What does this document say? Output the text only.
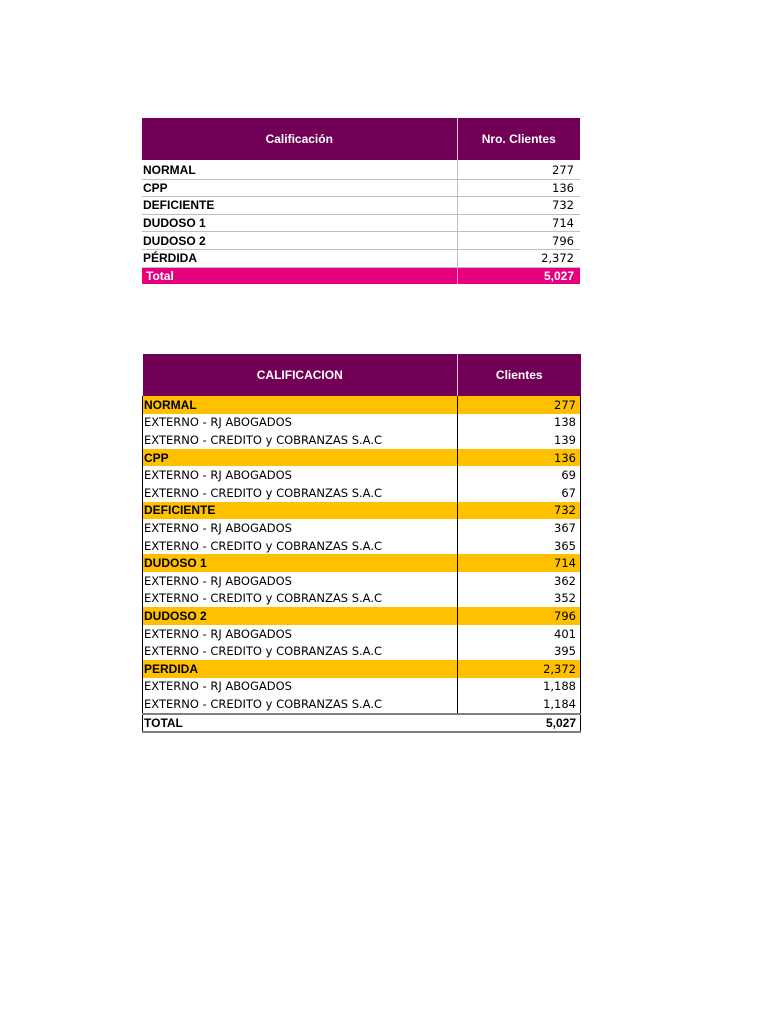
Calificación	Nro. Clientes
NORMAL	277
CPP	136
DEFICIENTE	732
DUDOSO 1	714
DUDOSO 2	796
PÉRDIDA	2,372
Total	5,027
CALIFICACION	Clientes
NORMAL	277
EXTERNO - RJ ABOGADOS	138
EXTERNO - CREDITO y COBRANZAS S.A.C	139
CPP	136
EXTERNO - RJ ABOGADOS	69
EXTERNO - CREDITO y COBRANZAS S.A.C	67
DEFICIENTE	732
EXTERNO - RJ ABOGADOS	367
EXTERNO - CREDITO y COBRANZAS S.A.C	365
DUDOSO 1	714
EXTERNO - RJ ABOGADOS	362
EXTERNO - CREDITO y COBRANZAS S.A.C	352
DUDOSO 2	796
EXTERNO - RJ ABOGADOS	401
EXTERNO - CREDITO y COBRANZAS S.A.C	395
PERDIDA	2,372
EXTERNO - RJ ABOGADOS	1,188
EXTERNO - CREDITO y COBRANZAS S.A.C	1,184
TOTAL	5,027
